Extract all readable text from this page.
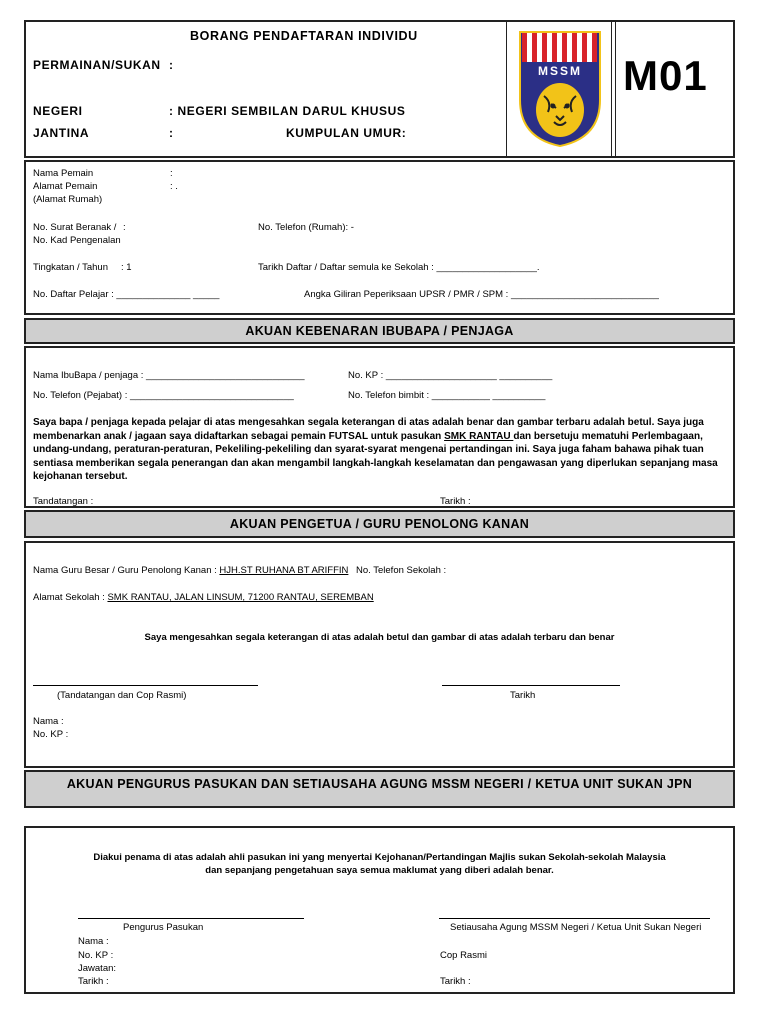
BORANG PENDAFTARAN INDIVIDU
PERMAINAN/SUKAN :
NEGERI	: NEGERI SEMBILAN DARUL KHUSUS
JANTINA	:	KUMPULAN UMUR:
MSSM M01
Nama Pemain	:
Alamat Pemain	: .
(Alamat Rumah)
No. Surat Beranak / :
No. Kad Pengenalan
No. Telefon (Rumah): -
Tingkatan / Tahun : 1	Tarikh Daftar / Daftar semula ke Sekolah : ___________________.
No. Daftar Pelajar : ______________ _____	Angka Giliran Peperiksaan UPSR / PMR / SPM : ____________________________
AKUAN KEBENARAN IBUBAPA / PENJAGA
Nama IbuBapa / penjaga : ______________________________	No. KP : _____________________ __________
No. Telefon (Pejabat) : _______________________________	No. Telefon bimbit : ___________ __________
Saya bapa / penjaga kepada pelajar di atas mengesahkan segala keterangan di atas adalah benar dan gambar terbaru adalah betul. Saya juga membenarkan anak / jagaan saya didaftarkan sebagai pemain FUTSAL untuk pasukan SMK RANTAU dan bersetuju mematuhi Perlembagaan, undang-undang, peraturan-peraturan, Pekeliling-pekeliling dan syarat-syarat mengenai pertandingan ini. Saya juga faham bahawa pihak tuan sentiasa memberikan segala penerangan dan akan mengambil langkah-langkah keselamatan dan pengawasan yang diperlukan sepanjang masa kejohanan tersebut.
Tandatangan :	Tarikh :
AKUAN PENGETUA / GURU PENOLONG KANAN
Nama Guru Besar / Guru Penolong Kanan : HJH.ST RUHANA BT ARIFFIN No. Telefon Sekolah :
Alamat Sekolah : SMK RANTAU, JALAN LINSUM, 71200 RANTAU, SEREMBAN
Saya mengesahkan segala keterangan di atas adalah betul dan gambar di atas adalah terbaru dan benar
(Tandatangan dan Cop Rasmi)	Tarikh
Nama :
No. KP :
AKUAN PENGURUS PASUKAN DAN SETIAUSAHA AGUNG MSSM NEGERI / KETUA UNIT SUKAN JPN
Diakui penama di atas adalah ahli pasukan ini yang menyertai Kejohanan/Pertandingan Majlis sukan Sekolah-sekolah Malaysia
dan sepanjang pengetahuan saya semua maklumat yang diberi adalah benar.
Pengurus Pasukan	Setiausaha Agung MSSM Negeri / Ketua Unit Sukan Negeri
Nama :
No. KP :
Jawatan:
Tarikh :
Cop Rasmi
Tarikh :
